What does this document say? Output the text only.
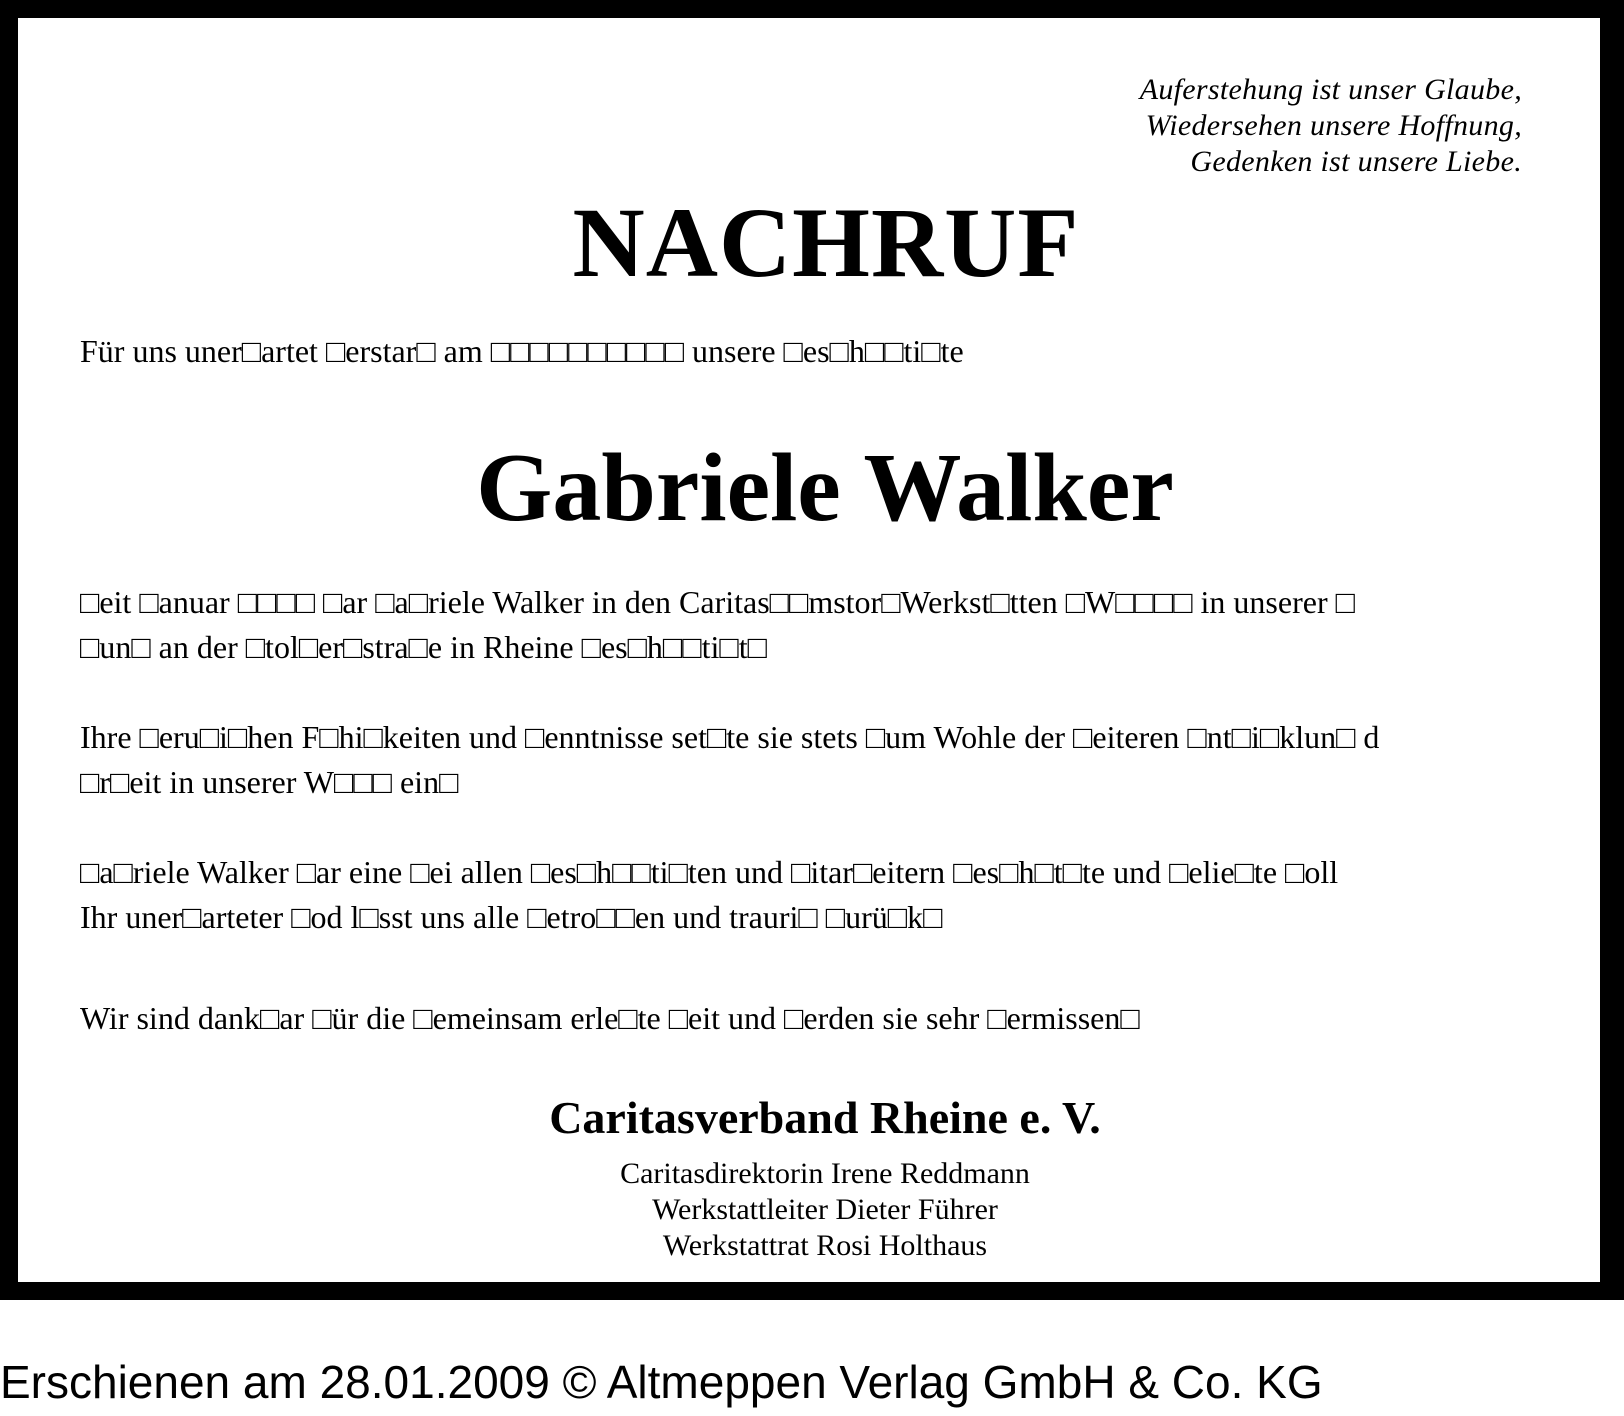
Auferstehung ist unser Glaube,
Wiedersehen unsere Hoffnung,
Gedenken ist unsere Liebe.
NACHRUF
Für uns uner□artet □erstar□ am □□□□□□□□□□ unsere □es□h□□ti□te
Gabriele Walker
□eit □anuar □□□□ □ar □a□riele Walker in den Caritas□□mstor□Werkst□tten □W□□□□ in unserer □
□un□ an der □tol□er□stra□e in Rheine □es□h□□ti□t□
Ihre □eru□i□hen F□hi□keiten und □enntnisse set□te sie stets □um Wohle der □eiteren □nt□i□klun□ d
□r□eit in unserer W□□□ ein□
□a□riele Walker □ar eine □ei allen □es□h□□ti□ten und □itar□eitern □es□h□t□te und □elie□te □oll
Ihr uner□arteter □od l□sst uns alle □etro□□en und trauri□ □urü□k□
Wir sind dank□ar □ür die □emeinsam erle□te □eit und □erden sie sehr □ermissen□
Caritasverband Rheine e. V.
Caritasdirektorin Irene Reddmann
Werkstattleiter Dieter Führer
Werkstattrat Rosi Holthaus
Erschienen am 28.01.2009 © Altmeppen Verlag GmbH & Co. KG
